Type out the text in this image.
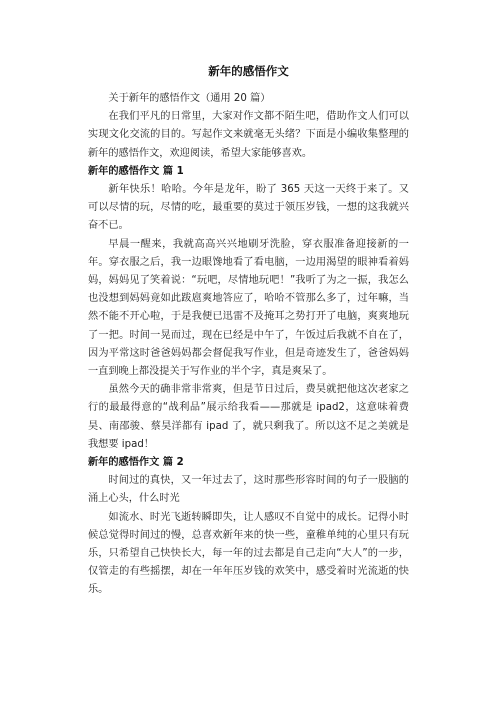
新年的感悟作文

关于新年的感悟作文（通用 20 篇）

在我们平凡的日常里，大家对作文都不陌生吧，借助作文人们可以实现文化交流的目的。写起作文来就毫无头绪？下面是小编收集整理的新年的感悟作文，欢迎阅读，希望大家能够喜欢。

新年的感悟作文 篇 1

新年快乐！哈哈。今年是龙年，盼了 365 天这一天终于来了。又可以尽情的玩，尽情的吃，最重要的莫过于领压岁钱，一想的这我就兴奋不已。

早晨一醒来，我就高高兴兴地刷牙洗脸，穿衣服准备迎接新的一年。穿衣服之后，我一边眼馋地看了看电脑，一边用渴望的眼神看着妈妈，妈妈见了笑着说：“玩吧，尽情地玩吧！”我听了为之一振，我怎么也没想到妈妈竟如此跋扈爽地答应了，哈哈不管那么多了，过年嘛，当然不能不开心啦，于是我便已迅雷不及掩耳之势打开了电脑，爽爽地玩了一把。时间一晃而过，现在已经是中午了，午饭过后我就不自在了，因为平常这时爸爸妈妈都会督促我写作业，但是奇迹发生了，爸爸妈妈一直到晚上都没提关于写作业的半个字，真是爽呆了。

虽然今天的确非常非常爽，但是节日过后，费昊就把他这次老家之行的最最得意的“战利品”展示给我看——那就是 ipad2，这意味着费昊、南邵骏、蔡昊洋都有 ipad 了，就只剩我了。所以这不足之美就是我想要 ipad！

新年的感悟作文 篇 2

时间过的真快，又一年过去了，这时那些形容时间的句子一股脑的涌上心头，什么时光

如流水、时光飞逝转瞬即失，让人感叹不自觉中的成长。记得小时候总觉得时间过的慢，总喜欢新年来的快一些，童稚单纯的心里只有玩乐，只希望自己快快长大，每一年的过去都是自己走向“大人”的一步，仅管走的有些摇摆，却在一年年压岁钱的欢笑中，感受着时光流逝的快乐。
